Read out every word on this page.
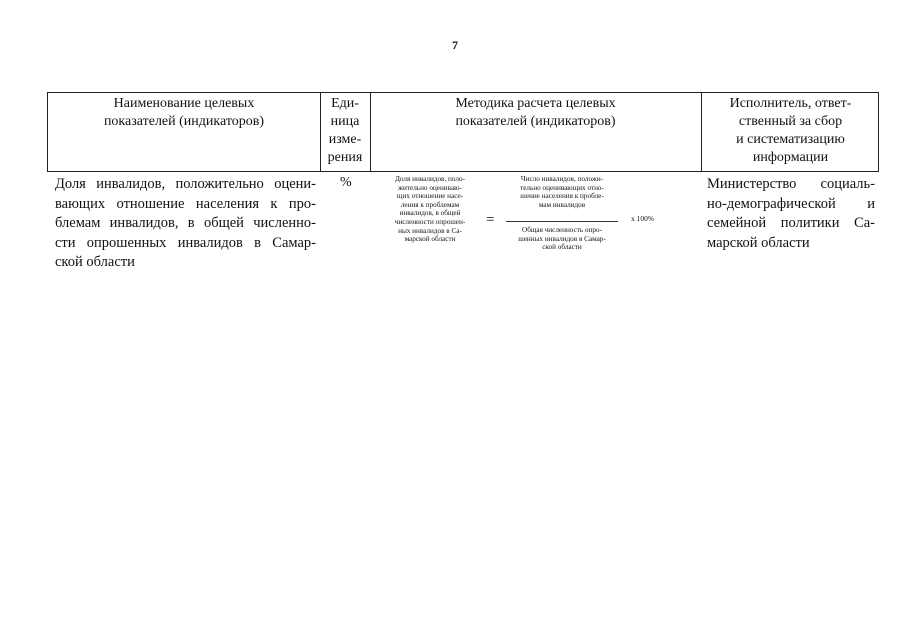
7
Наименование целевых
показателей (индикаторов)
Еди-
ница
изме-
рения
Методика расчета целевых
показателей (индикаторов)
Исполнитель, ответ-
ственный за сбор
и систематизацию
информации
Доля инвалидов, положительно оцени-
вающих отношение населения к про-
блемам инвалидов, в общей численно-
сти опрошенных инвалидов в Самар-
ской области
%	Доля инвалидов, поло-
жительно оцениваю-
щих отношение насе-
ления к проблемам
инвалидов, в общей
численности опрошен-
ных инвалидов в Са-
марской области
=
Число инвалидов, положи-
тельно оценивающих отно-
шение населения к пробле-
мам инвалидов
Общая численность опро-
шенных инвалидов в Самар-
ской области
х 100%
Министерство социаль-
но-демографической и
семейной политики Са-
марской области
